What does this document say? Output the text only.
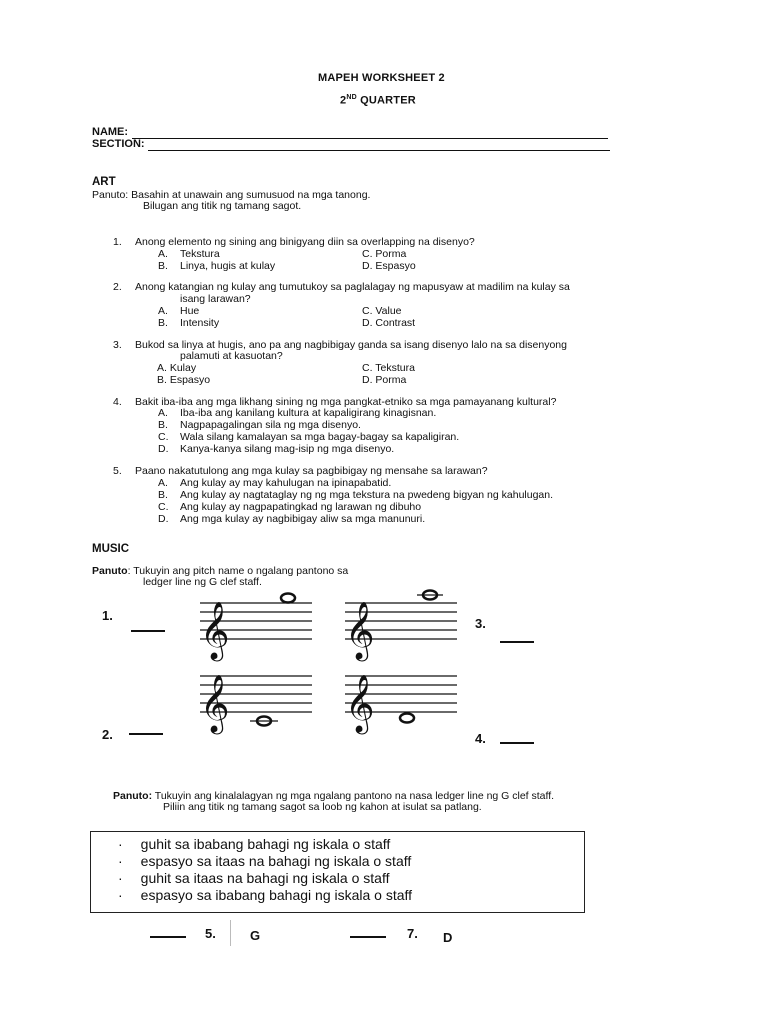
MAPEH WORKSHEET 2
2ND QUARTER
NAME:
SECTION:
ART
Panuto: Basahin at unawain ang sumusuod na mga tanong.
Bilugan ang titik ng tamang sagot.
1. Anong elemento ng sining ang binigyang diin sa overlapping na disenyo?
A. Tekstura	C. Porma
B. Linya, hugis at kulay	D. Espasyo
2. Anong katangian ng kulay ang tumutukoy sa paglalagay ng mapusyaw at madilim na kulay sa
isang larawan?
A. Hue	C. Value
B. Intensity	D. Contrast
3. Bukod sa linya at hugis, ano pa ang nagbibigay ganda sa isang disenyo lalo na sa disenyong
palamuti at kasuotan?
A. Kulay	C. Tekstura
B. Espasyo	D. Porma
4. Bakit iba-iba ang mga likhang sining ng mga pangkat-etniko sa mga pamayanang kultural?
A. Iba-iba ang kanilang kultura at kapaligirang kinagisnan.
B. Nagpapagalingan sila ng mga disenyo.
C. Wala silang kamalayan sa mga bagay-bagay sa kapaligiran.
D. Kanya-kanya silang mag-isip ng mga disenyo.
5. Paano nakatutulong ang mga kulay sa pagbibigay ng mensahe sa larawan?
A. Ang kulay ay may kahulugan na ipinapabatid.
B. Ang kulay ay nagtataglay ng ng mga tekstura na pwedeng bigyan ng kahulugan.
C. Ang kulay ay nagpapatingkad ng larawan ng dibuho
D. Ang mga kulay ay nagbibigay aliw sa mga manunuri.
MUSIC
Panuto: Tukuyin ang pitch name o ngalang pantono sa
ledger line ng G clef staff.
1.
2.
3.
4.
𝄞 𝄞
𝄞 𝄞
Panuto: Tukuyin ang kinalalagyan ng mga ngalang pantono na nasa ledger line ng G clef staff.
Piliin ang titik ng tamang sagot sa loob ng kahon at isulat sa patlang.
· guhit sa ibabang bahagi ng iskala o staff
· espasyo sa itaas na bahagi ng iskala o staff
· guhit sa itaas na bahagi ng iskala o staff
· espasyo sa ibabang bahagi ng iskala o staff
5.	G	7. D
